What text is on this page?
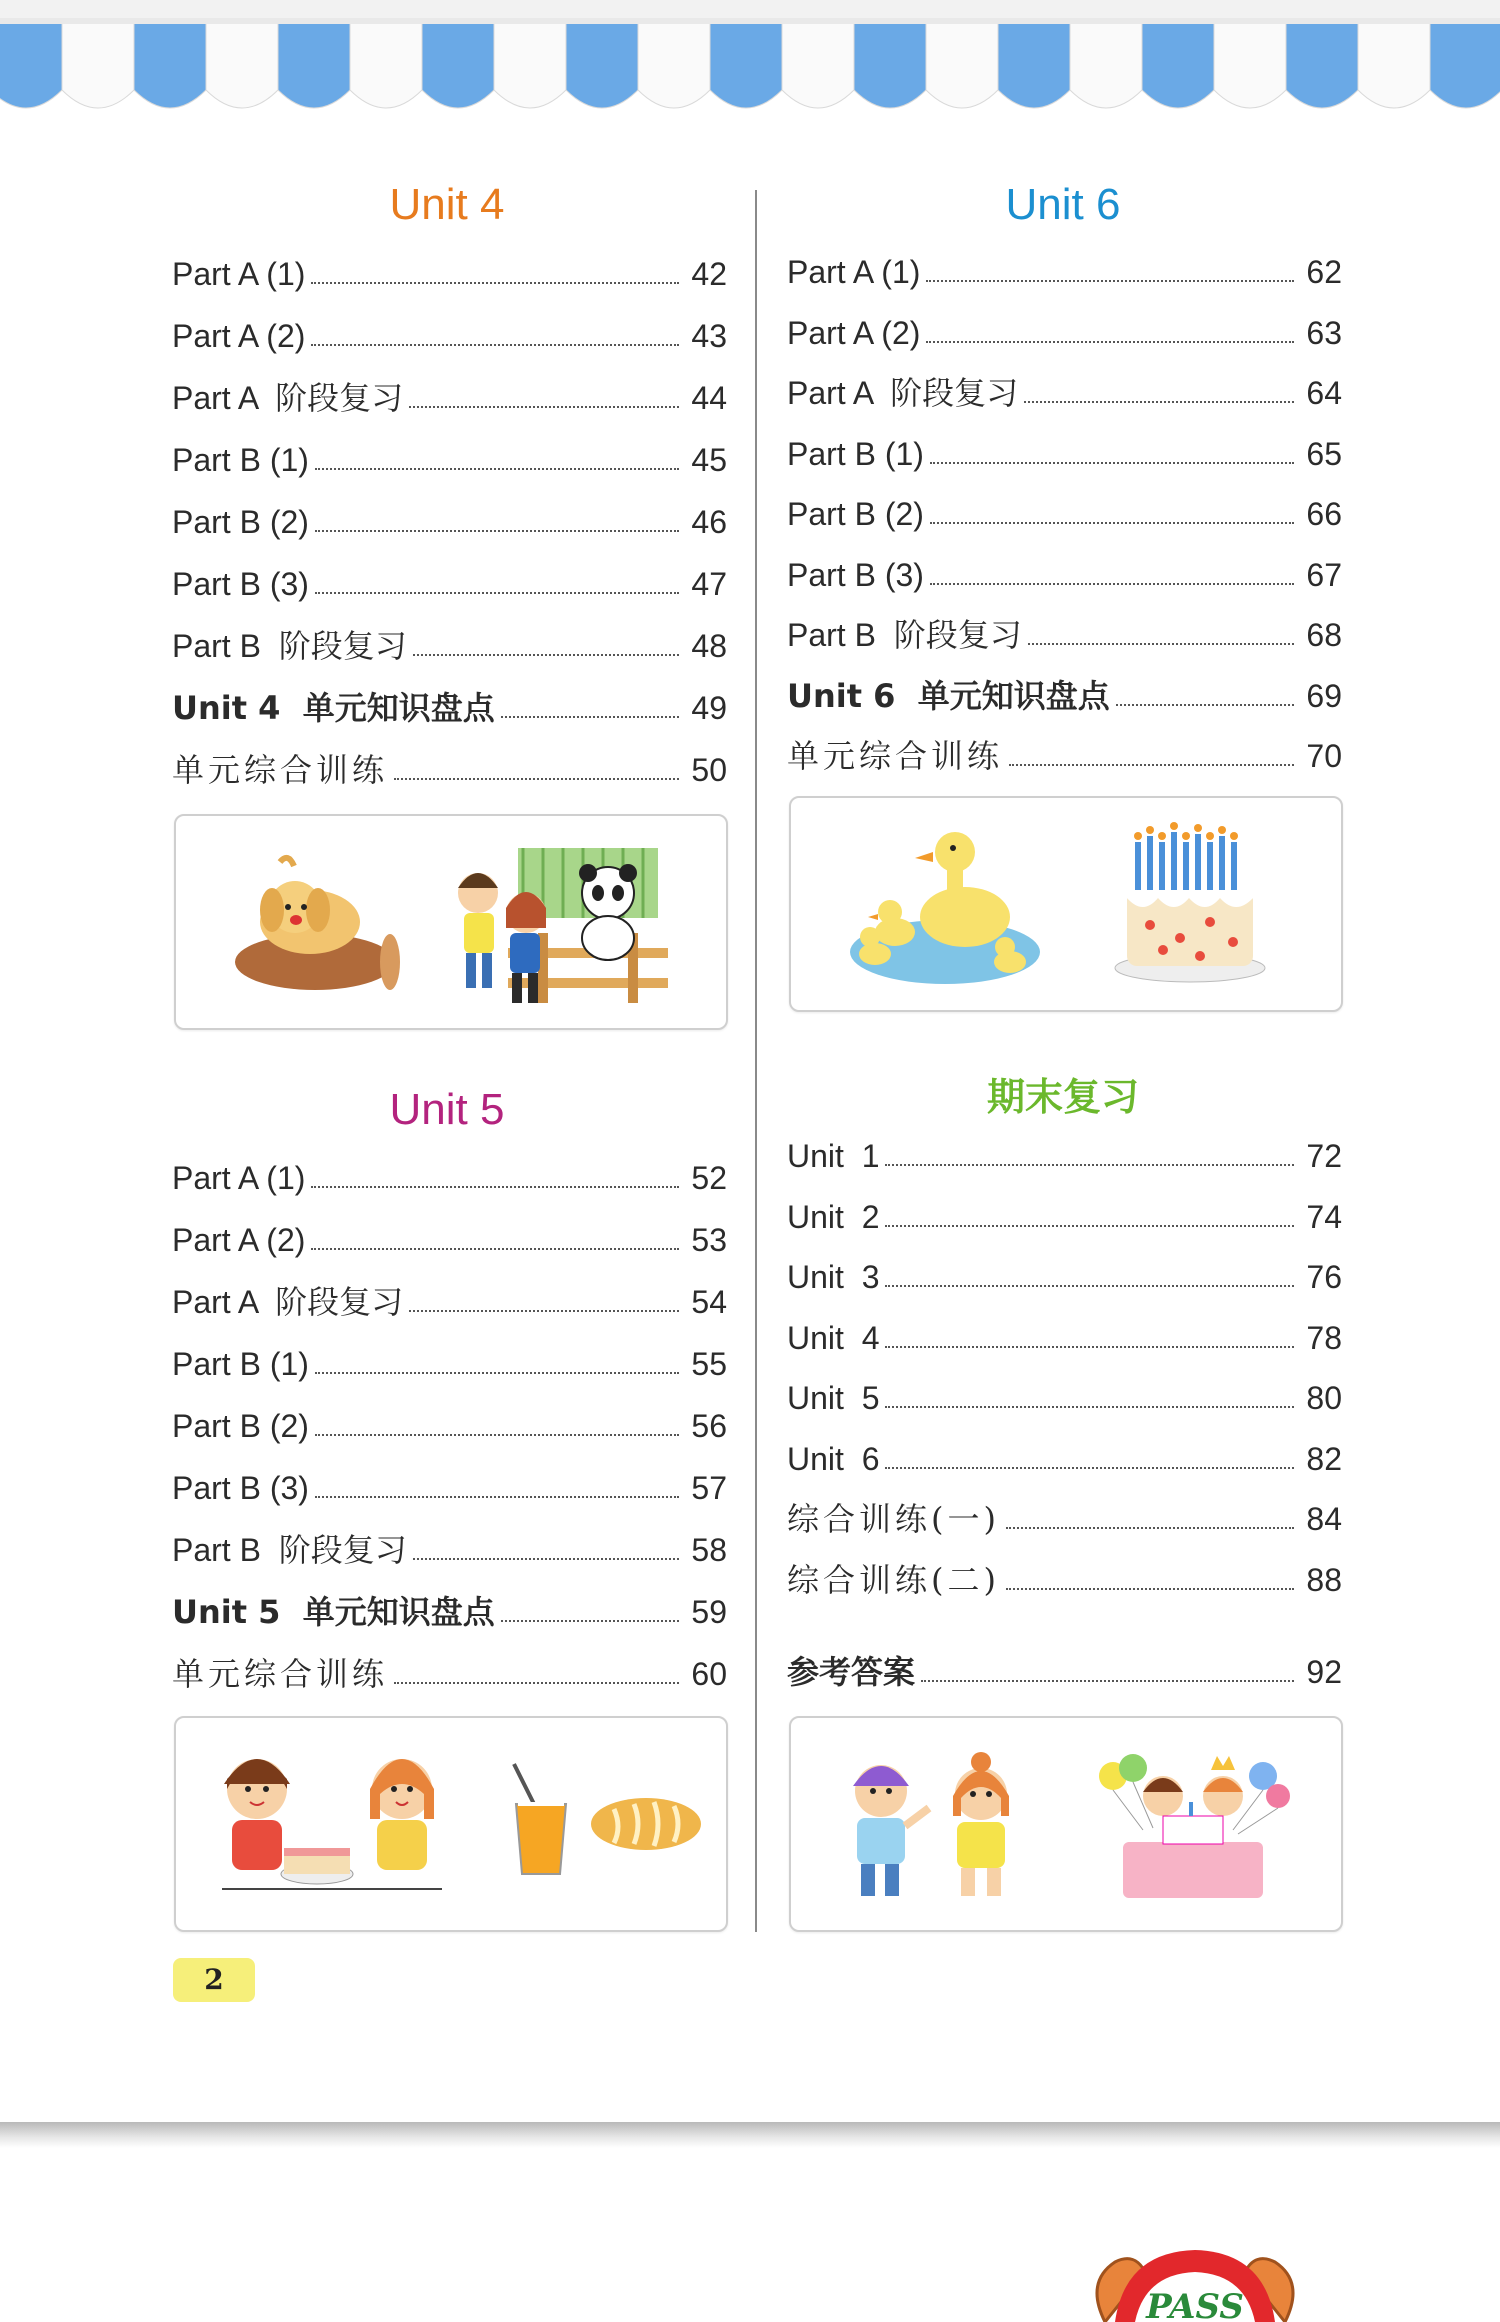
Unit 4
Part A (1)	42
Part A (2)	43
Part A  阶段复习	44
Part B (1)	45
Part B (2)	46
Part B (3)	47
Part B  阶段复习	48
Unit 4  单元知识盘点	49
单元综合训练	50
Unit 5
Part A (1)	52
Part A (2)	53
Part A  阶段复习	54
Part B (1)	55
Part B (2)	56
Part B (3)	57
Part B  阶段复习	58
Unit 5  单元知识盘点	59
单元综合训练	60
Unit 6
Part A (1)	62
Part A (2)	63
Part A  阶段复习	64
Part B (1)	65
Part B (2)	66
Part B (3)	67
Part B  阶段复习	68
Unit 6  单元知识盘点	69
单元综合训练	70
期末复习
Unit  1	72
Unit  2	74
Unit  3	76
Unit  4	78
Unit  5	80
Unit  6	82
综合训练(一)	84
综合训练(二)	88
参考答案	92
2
PASS
